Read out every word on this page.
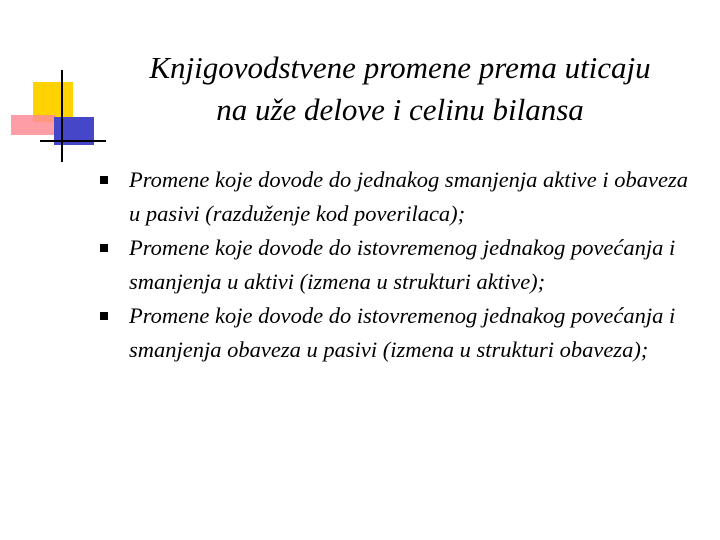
Knjigovodstvene promene prema uticaju
na uže delove i celinu bilansa
Promene koje dovode do jednakog smanjenja aktive i obaveza u pasivi (razduženje kod poverilaca);
Promene koje dovode do istovremenog jednakog povećanja i smanjenja u aktivi (izmena u strukturi aktive);
Promene koje dovode do istovremenog jednakog povećanja i smanjenja obaveza u pasivi (izmena u strukturi obaveza);
